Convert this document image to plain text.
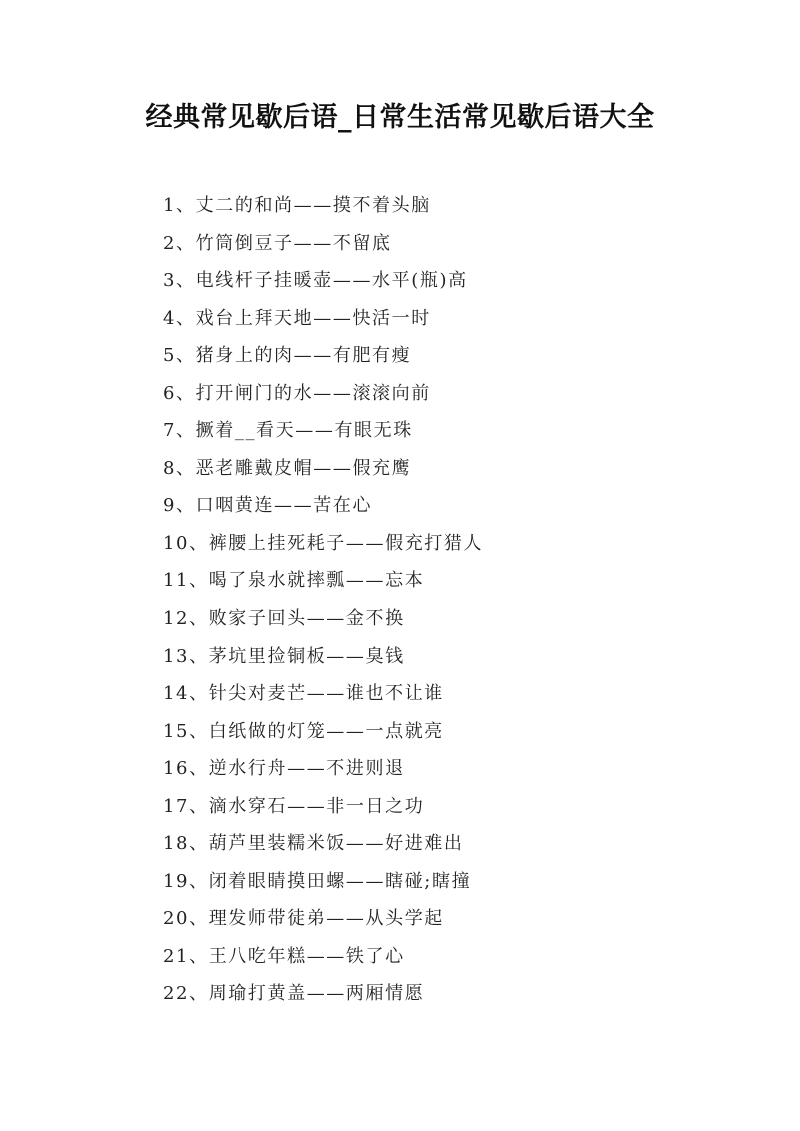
经典常见歇后语_日常生活常见歇后语大全
1、丈二的和尚——摸不着头脑
2、竹筒倒豆子——不留底
3、电线杆子挂暖壶——水平(瓶)高
4、戏台上拜天地——快活一时
5、猪身上的肉——有肥有瘦
6、打开闸门的水——滚滚向前
7、撅着__看天——有眼无珠
8、恶老雕戴皮帽——假充鹰
9、口咽黄连——苦在心
10、裤腰上挂死耗子——假充打猎人
11、喝了泉水就摔瓢——忘本
12、败家子回头——金不换
13、茅坑里捡铜板——臭钱
14、针尖对麦芒——谁也不让谁
15、白纸做的灯笼——一点就亮
16、逆水行舟——不进则退
17、滴水穿石——非一日之功
18、葫芦里装糯米饭——好进难出
19、闭着眼睛摸田螺——瞎碰;瞎撞
20、理发师带徒弟——从头学起
21、王八吃年糕——铁了心
22、周瑜打黄盖——两厢情愿
